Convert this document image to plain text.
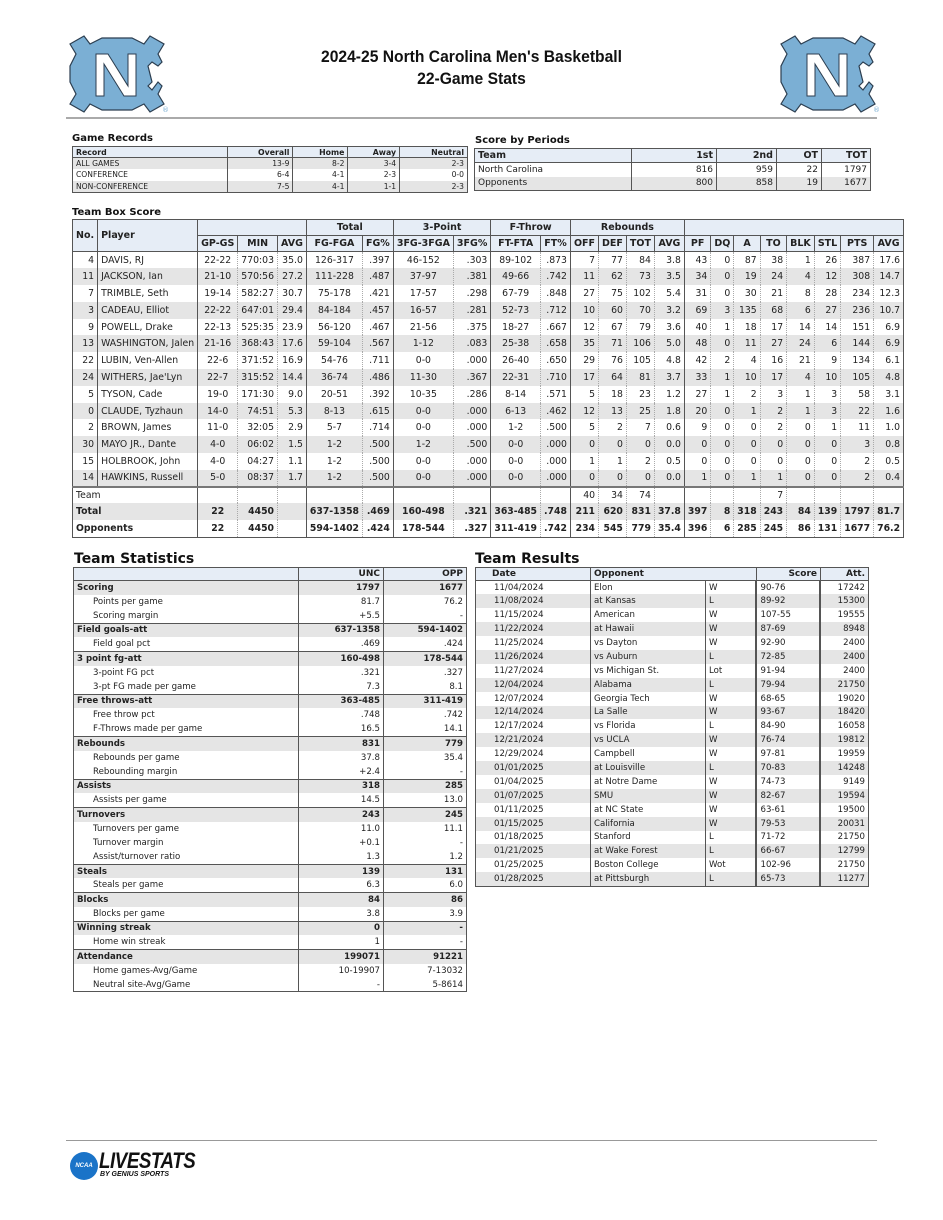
®
2024-25 North Carolina Men's Basketball
22-Game Stats
®
Game Records
Record	Overall	Home	Away	Neutral
ALL GAMES	13-9	8-2	3-4	2-3
CONFERENCE	6-4	4-1	2-3	0-0
NON-CONFERENCE	7-5	4-1	1-1	2-3
Score by Periods
Team	1st	2nd	OT	TOT
North Carolina	816	959	22	1797
Opponents	800	858	19	1677
Team Box Score
No.	Player				Total		3-Point		F-Throw		Rebounds											
		GP-GS	MIN	AVG	FG-FGA	FG%	3FG-3FGA	3FG%	FT-FTA	FT%	OFF	DEF	TOT	AVG	PF	DQ	A	TO	BLK	STL	PTS	AVG
4	DAVIS, RJ	22-22	770:03	35.0	126-317	.397	46-152	.303	89-102	.873	7	77	84	3.8	43	0	87	38	1	26	387	17.6
11	JACKSON, Ian	21-10	570:56	27.2	111-228	.487	37-97	.381	49-66	.742	11	62	73	3.5	34	0	19	24	4	12	308	14.7
7	TRIMBLE, Seth	19-14	582:27	30.7	75-178	.421	17-57	.298	67-79	.848	27	75	102	5.4	31	0	30	21	8	28	234	12.3
3	CADEAU, Elliot	22-22	647:01	29.4	84-184	.457	16-57	.281	52-73	.712	10	60	70	3.2	69	3	135	68	6	27	236	10.7
9	POWELL, Drake	22-13	525:35	23.9	56-120	.467	21-56	.375	18-27	.667	12	67	79	3.6	40	1	18	17	14	14	151	6.9
13	WASHINGTON, Jalen	21-16	368:43	17.6	59-104	.567	1-12	.083	25-38	.658	35	71	106	5.0	48	0	11	27	24	6	144	6.9
22	LUBIN, Ven-Allen	22-6	371:52	16.9	54-76	.711	0-0	.000	26-40	.650	29	76	105	4.8	42	2	4	16	21	9	134	6.1
24	WITHERS, Jae'Lyn	22-7	315:52	14.4	36-74	.486	11-30	.367	22-31	.710	17	64	81	3.7	33	1	10	17	4	10	105	4.8
5	TYSON, Cade	19-0	171:30	9.0	20-51	.392	10-35	.286	8-14	.571	5	18	23	1.2	27	1	2	3	1	3	58	3.1
0	CLAUDE, Tyzhaun	14-0	74:51	5.3	8-13	.615	0-0	.000	6-13	.462	12	13	25	1.8	20	0	1	2	1	3	22	1.6
2	BROWN, James	11-0	32:05	2.9	5-7	.714	0-0	.000	1-2	.500	5	2	7	0.6	9	0	0	2	0	1	11	1.0
30	MAYO JR., Dante	4-0	06:02	1.5	1-2	.500	1-2	.500	0-0	.000	0	0	0	0.0	0	0	0	0	0	0	3	0.8
15	HOLBROOK, John	4-0	04:27	1.1	1-2	.500	0-0	.000	0-0	.000	1	1	2	0.5	0	0	0	0	0	0	2	0.5
14	HAWKINS, Russell	5-0	08:37	1.7	1-2	.500	0-0	.000	0-0	.000	0	0	0	0.0	1	0	1	1	0	0	2	0.4
Team											40	34	74					7				
Total		22	4450		637-1358	.469	160-498	.321	363-485	.748	211	620	831	37.8	397	8	318	243	84	139	1797	81.7
Opponents		22	4450		594-1402	.424	178-544	.327	311-419	.742	234	545	779	35.4	396	6	285	245	86	131	1677	76.2
Team Statistics
	UNC	OPP
Scoring	1797	1677
Points per game	81.7	76.2
Scoring margin	+5.5	-
Field goals-att	637-1358	594-1402
Field goal pct	.469	.424
3 point fg-att	160-498	178-544
3-point FG pct	.321	.327
3-pt FG made per game	7.3	8.1
Free throws-att	363-485	311-419
Free throw pct	.748	.742
F-Throws made per game	16.5	14.1
Rebounds	831	779
Rebounds per game	37.8	35.4
Rebounding margin	+2.4	-
Assists	318	285
Assists per game	14.5	13.0
Turnovers	243	245
Turnovers per game	11.0	11.1
Turnover margin	+0.1	-
Assist/turnover ratio	1.3	1.2
Steals	139	131
Steals per game	6.3	6.0
Blocks	84	86
Blocks per game	3.8	3.9
Winning streak	0	-
Home win streak	1	-
Attendance	199071	91221
Home games-Avg/Game	10-19907	7-13032
Neutral site-Avg/Game	-	5-8614
Team Results
Date	Opponent		Score	Att.
11/04/2024	Elon	W	90-76	17242
11/08/2024	at Kansas	L	89-92	15300
11/15/2024	American	W	107-55	19555
11/22/2024	at Hawaii	W	87-69	8948
11/25/2024	vs Dayton	W	92-90	2400
11/26/2024	vs Auburn	L	72-85	2400
11/27/2024	vs Michigan St.	Lot	91-94	2400
12/04/2024	Alabama	L	79-94	21750
12/07/2024	Georgia Tech	W	68-65	19020
12/14/2024	La Salle	W	93-67	18420
12/17/2024	vs Florida	L	84-90	16058
12/21/2024	vs UCLA	W	76-74	19812
12/29/2024	Campbell	W	97-81	19959
01/01/2025	at Louisville	L	70-83	14248
01/04/2025	at Notre Dame	W	74-73	9149
01/07/2025	SMU	W	82-67	19594
01/11/2025	at NC State	W	63-61	19500
01/15/2025	California	W	79-53	20031
01/18/2025	Stanford	L	71-72	21750
01/21/2025	at Wake Forest	L	66-67	12799
01/25/2025	Boston College	Wot	102-96	21750
01/28/2025	at Pittsburgh	L	65-73	11277
NCAA LIVESTATS
BY GENIUS SPORTS
